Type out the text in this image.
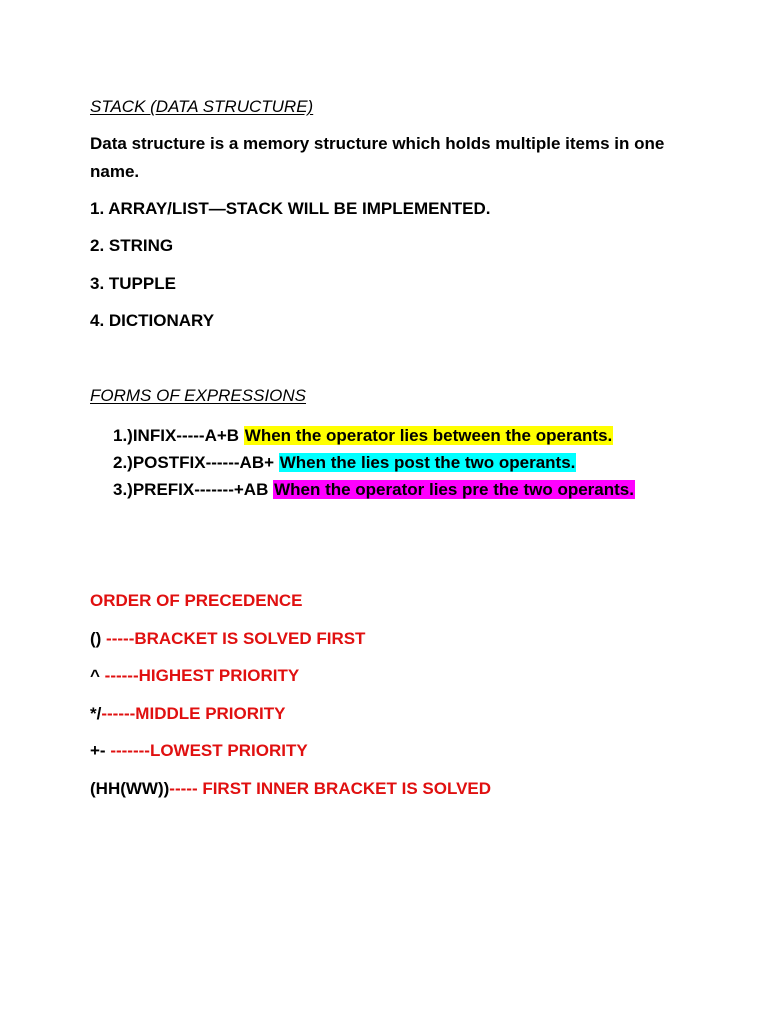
STACK (DATA STRUCTURE)
Data structure is a memory structure which holds multiple items in one name.
1. ARRAY/LIST—STACK WILL BE IMPLEMENTED.
2. STRING
3. TUPPLE
4. DICTIONARY
FORMS OF EXPRESSIONS
1.)INFIX-----A+B When the operator lies between the operants.
2.)POSTFIX------AB+ When the lies post the two operants.
3.)PREFIX-------+AB When the operator lies pre the two operants.
ORDER OF PRECEDENCE
() -----BRACKET IS SOLVED FIRST
^ ------HIGHEST PRIORITY
*/------MIDDLE PRIORITY
+- -------LOWEST PRIORITY
(HH(WW))----- FIRST INNER BRACKET IS SOLVED
